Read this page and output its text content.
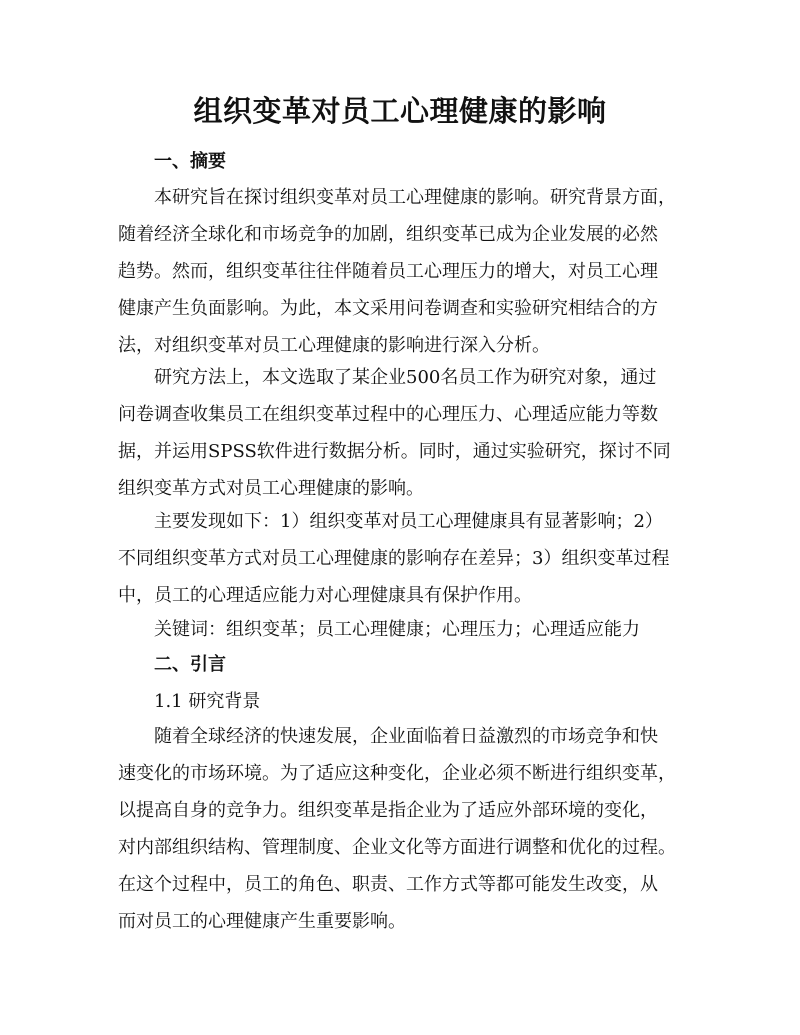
组织变革对员工心理健康的影响
一、摘要
本研究旨在探讨组织变革对员工心理健康的影响。研究背景方面，
随着经济全球化和市场竞争的加剧，组织变革已成为企业发展的必然
趋势。然而，组织变革往往伴随着员工心理压力的增大，对员工心理
健康产生负面影响。为此，本文采用问卷调查和实验研究相结合的方
法，对组织变革对员工心理健康的影响进行深入分析。
研究方法上，本文选取了某企业500名员工作为研究对象，通过
问卷调查收集员工在组织变革过程中的心理压力、心理适应能力等数
据，并运用SPSS软件进行数据分析。同时，通过实验研究，探讨不同
组织变革方式对员工心理健康的影响。
主要发现如下：1）组织变革对员工心理健康具有显著影响；2）
不同组织变革方式对员工心理健康的影响存在差异；3）组织变革过程
中，员工的心理适应能力对心理健康具有保护作用。
关键词：组织变革；员工心理健康；心理压力；心理适应能力
二、引言
1.1 研究背景
随着全球经济的快速发展，企业面临着日益激烈的市场竞争和快
速变化的市场环境。为了适应这种变化，企业必须不断进行组织变革，
以提高自身的竞争力。组织变革是指企业为了适应外部环境的变化，
对内部组织结构、管理制度、企业文化等方面进行调整和优化的过程。
在这个过程中，员工的角色、职责、工作方式等都可能发生改变，从
而对员工的心理健康产生重要影响。
